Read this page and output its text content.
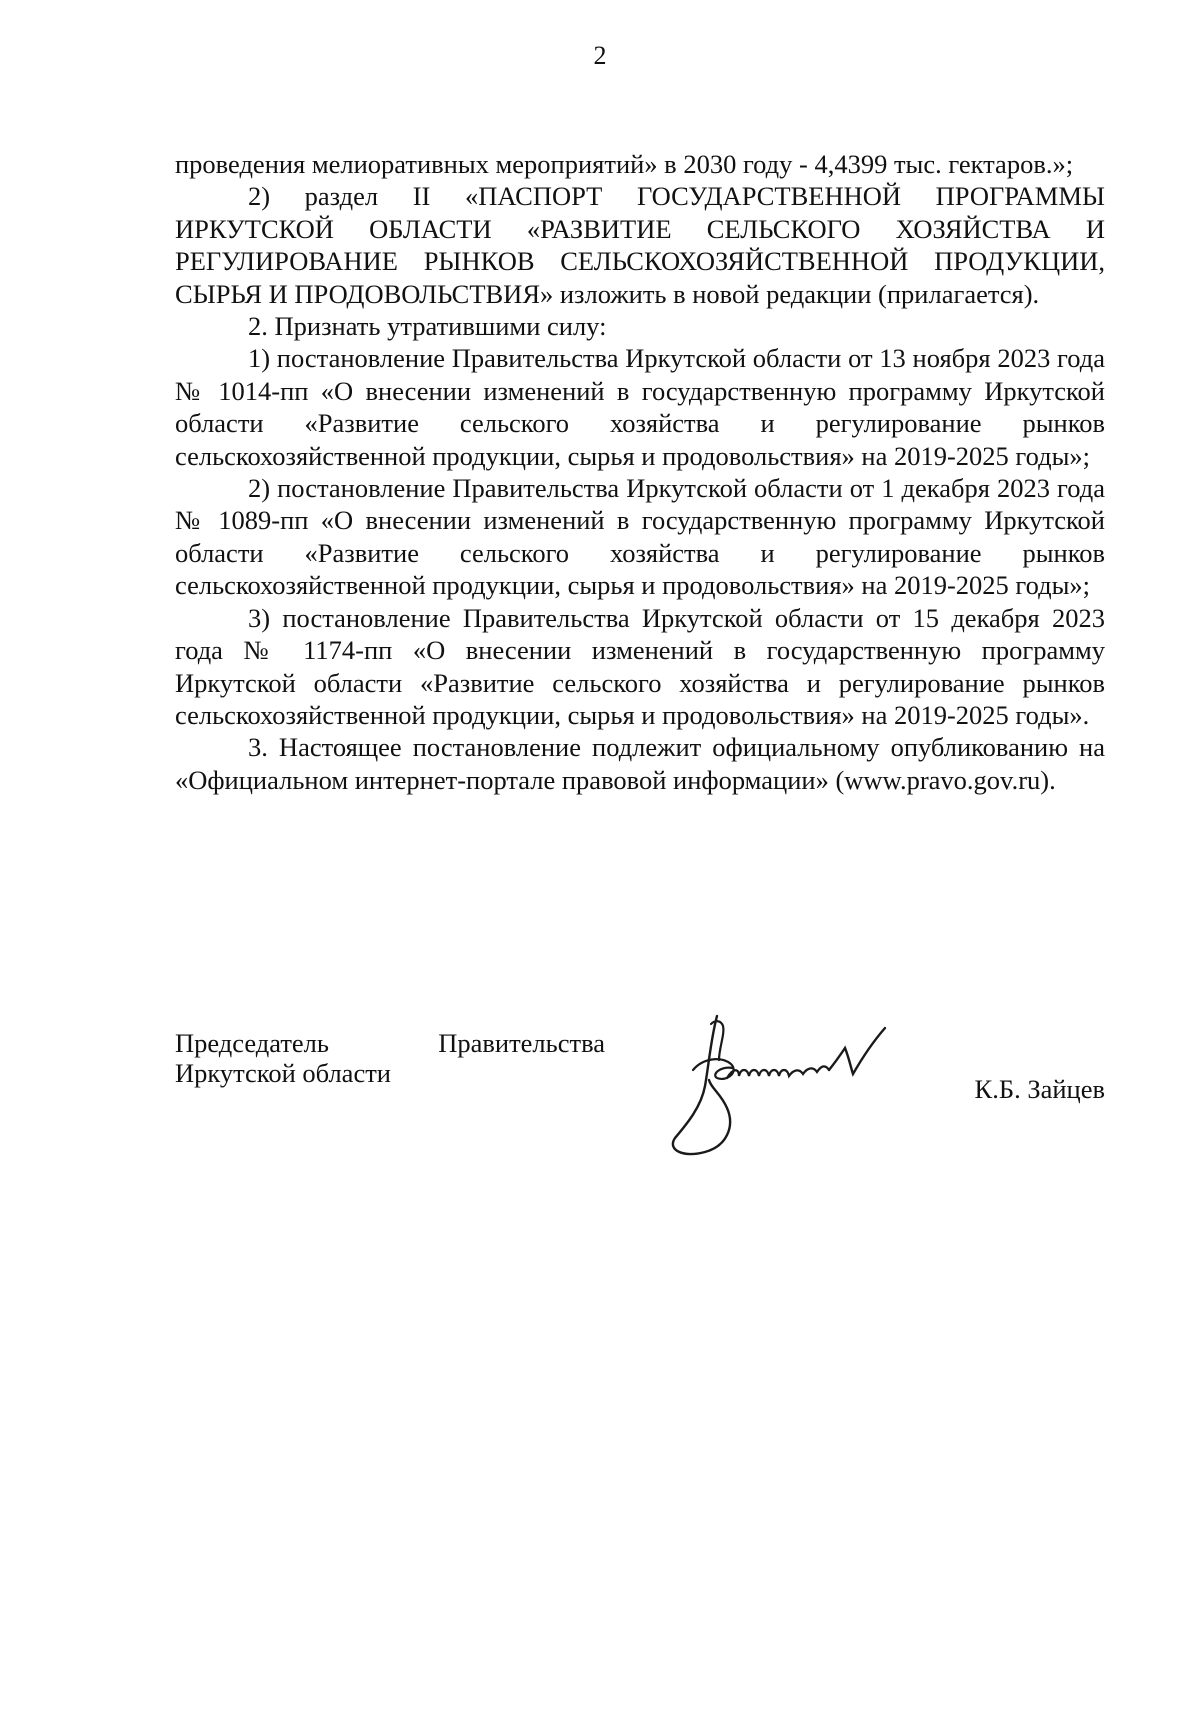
2

проведения мелиоративных мероприятий» в 2030 году - 4,4399 тыс. гектаров.»;

2) раздел II «ПАСПОРТ ГОСУДАРСТВЕННОЙ ПРОГРАММЫ ИРКУТСКОЙ ОБЛАСТИ «РАЗВИТИЕ СЕЛЬСКОГО ХОЗЯЙСТВА И РЕГУЛИРОВАНИЕ РЫНКОВ СЕЛЬСКОХОЗЯЙСТВЕННОЙ ПРОДУКЦИИ, СЫРЬЯ И ПРОДОВОЛЬСТВИЯ» изложить в новой редакции (прилагается).

2. Признать утратившими силу:

1) постановление Правительства Иркутской области от 13 ноября 2023 года № 1014-пп «О внесении изменений в государственную программу Иркутской области «Развитие сельского хозяйства и регулирование рынков сельскохозяйственной продукции, сырья и продовольствия» на 2019-2025 годы»;

2) постановление Правительства Иркутской области от 1 декабря 2023 года № 1089-пп «О внесении изменений в государственную программу Иркутской области «Развитие сельского хозяйства и регулирование рынков сельскохозяйственной продукции, сырья и продовольствия» на 2019-2025 годы»;

3) постановление Правительства Иркутской области от 15 декабря 2023 года № 1174-пп «О внесении изменений в государственную программу Иркутской области «Развитие сельского хозяйства и регулирование рынков сельскохозяйственной продукции, сырья и продовольствия» на 2019-2025 годы».

3. Настоящее постановление подлежит официальному опубликованию на «Официальном интернет-портале правовой информации» (www.pravo.gov.ru).

Председатель Правительства
Иркутской области
К.Б. Зайцев
